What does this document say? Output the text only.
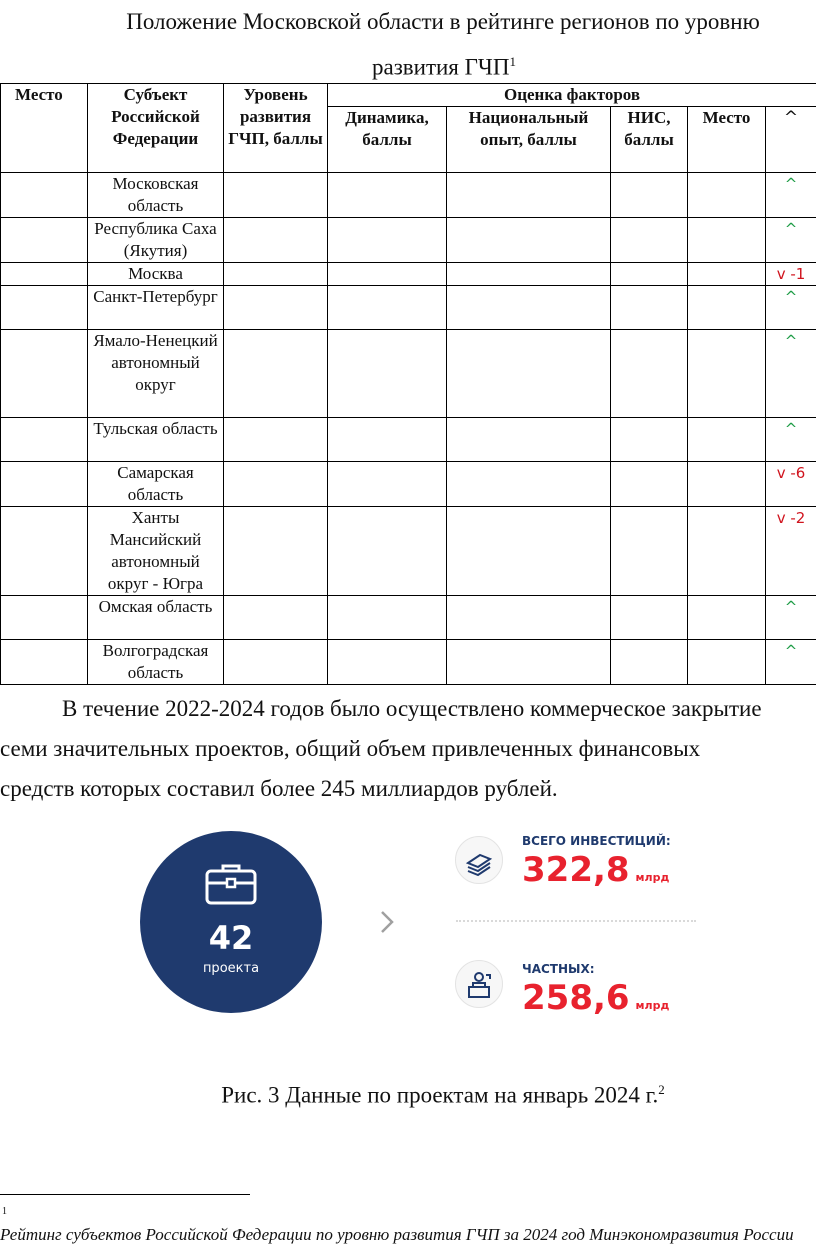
Положение Московской области в рейтинге регионов по уровню
развития ГЧП$^1$
Место	Субъект Российской Федерации	Уровень развития ГЧП, баллы	Оценка факторов				
			Динамика, баллы	Национальный опыт, баллы	НИС, баллы	Место	^
	Московская область						^
	Республика Саха (Якутия)						^
	Москва						v -1
	Санкт-Петербург						^
	Ямало-Ненецкий автономный округ						^
	Тульская область						^
	Самарская область						v -6
	Ханты Мансийский автономный округ - Югра						v -2
	Омская область						^
	Волгоградская область						^
В течение 2022-2024 годов было осуществлено коммерческое закрытие
семи значительных проектов, общий объем привлеченных финансовых
средств которых составил более 245 миллиардов рублей.
42
проекта
ВСЕГО ИНВЕСТИЦИЙ:
322,8 млрд
ЧАСТНЫХ:
258,6 млрд
Рис. 3 Данные по проектам на январь 2024 г.$^2$
1
Рейтинг субъектов Российской Федерации по уровню развития ГЧП за 2024 год Минэкономразвития России
